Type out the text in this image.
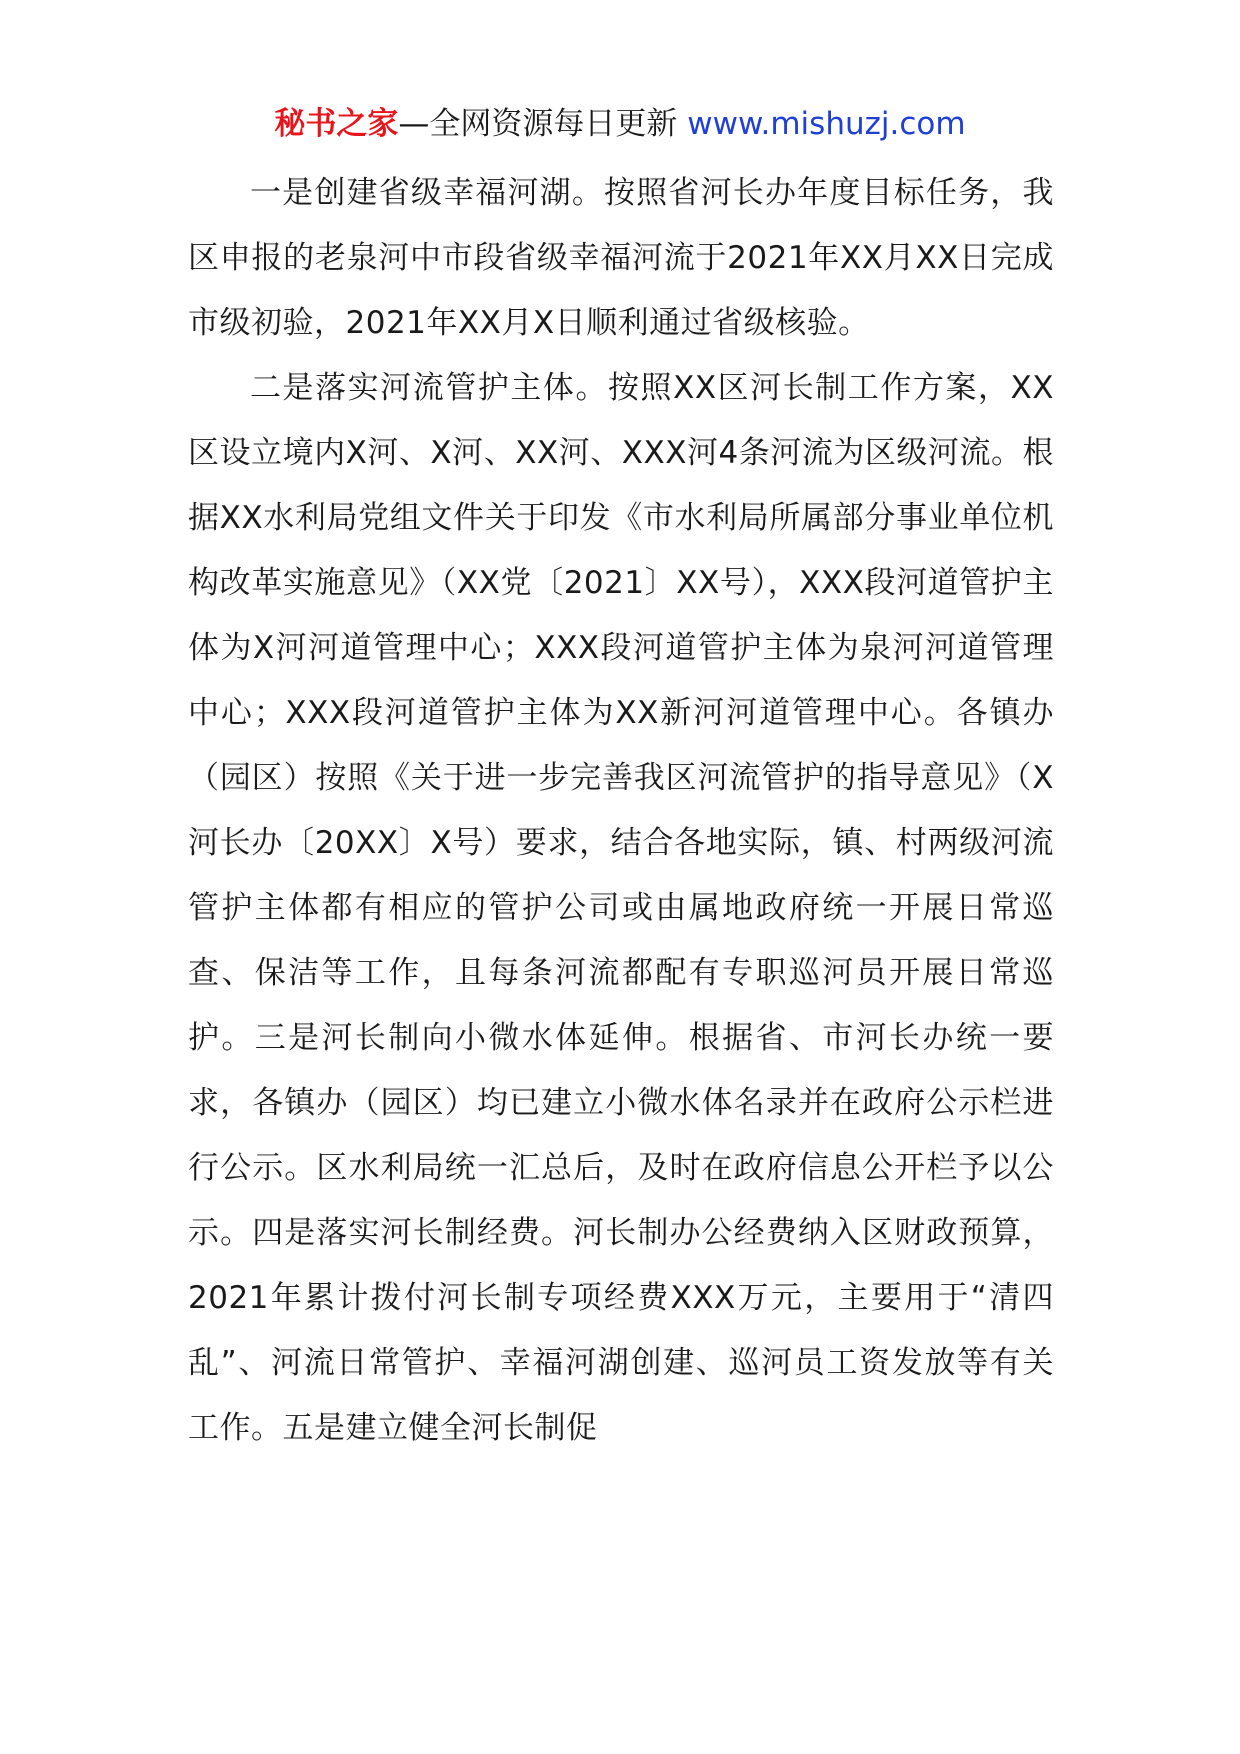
秘书之家—全网资源每日更新 www.mishuzj.com

一是创建省级幸福河湖。按照省河长办年度目标任务，我区申报的老泉河中市段省级幸福河流于2021年XX月XX日完成市级初验，2021年XX月X日顺利通过省级核验。

二是落实河流管护主体。按照XX区河长制工作方案，XX区设立境内X河、X河、XX河、XXX河4条河流为区级河流。根据XX水利局党组文件关于印发《市水利局所属部分事业单位机构改革实施意见》（XX党〔2021〕XX号），XXX段河道管护主体为X河河道管理中心；XXX段河道管护主体为泉河河道管理中心；XXX段河道管护主体为XX新河河道管理中心。各镇办（园区）按照《关于进一步完善我区河流管护的指导意见》（X河长办〔20XX〕X号）要求，结合各地实际，镇、村两级河流管护主体都有相应的管护公司或由属地政府统一开展日常巡查、保洁等工作，且每条河流都配有专职巡河员开展日常巡护。三是河长制向小微水体延伸。根据省、市河长办统一要求，各镇办（园区）均已建立小微水体名录并在政府公示栏进行公示。区水利局统一汇总后，及时在政府信息公开栏予以公示。四是落实河长制经费。河长制办公经费纳入区财政预算，2021年累计拨付河长制专项经费XXX万元，主要用于“清四乱”、河流日常管护、幸福河湖创建、巡河员工资发放等有关工作。五是建立健全河长制促
